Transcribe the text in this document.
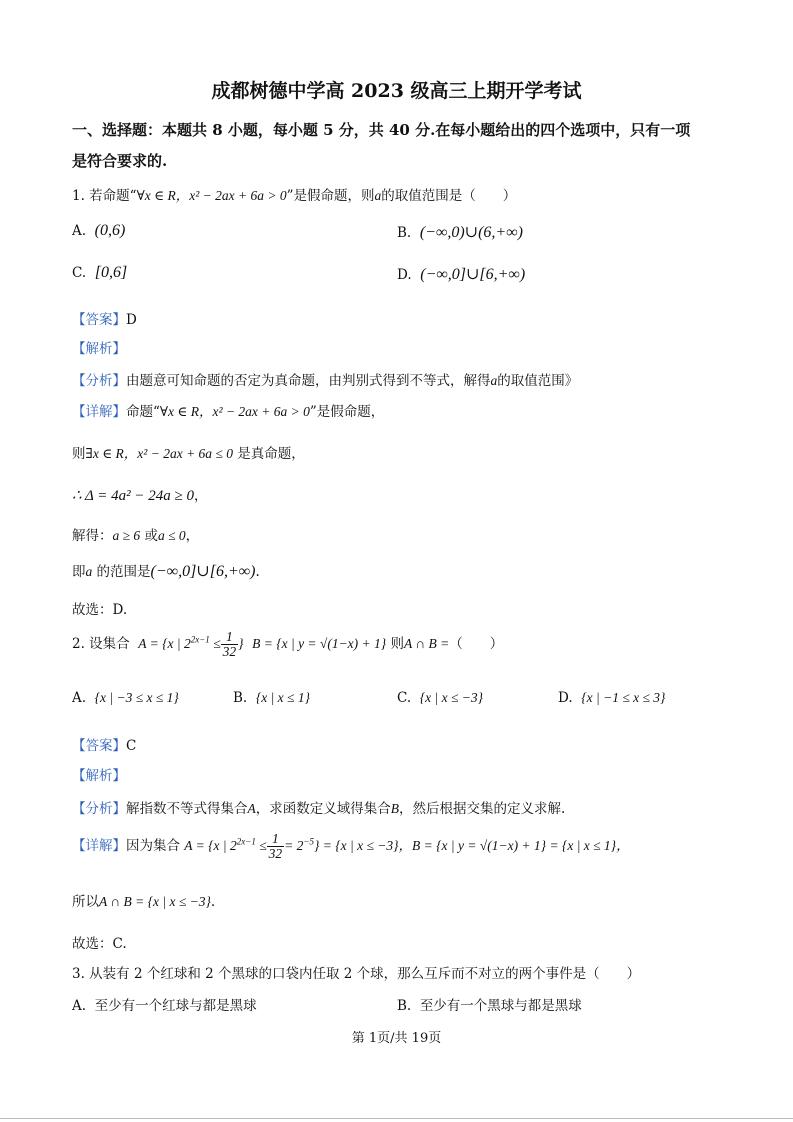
成都树德中学高 2023 级高三上期开学考试
一、选择题：本题共 8 小题，每小题 5 分，共 40 分.在每小题给出的四个选项中，只有一项
是符合要求的.
1. 若命题“∀x ∈ R，x² − 2ax + 6a > 0”是假命题，则a的取值范围是（　　）
A. (0,6)	B. (−∞,0)∪(6,+∞)
C. [0,6]	D. (−∞,0]∪[6,+∞)
【答案】D
【解析】
【分析】由题意可知命题的否定为真命题，由判别式得到不等式，解得a的取值范围》
【详解】命题“∀x ∈ R，x² − 2ax + 6a > 0”是假命题，
则∃x ∈ R，x² − 2ax + 6a ≤ 0 是真命题，
∴ Δ = 4a² − 24a ≥ 0，
解得：a ≥ 6 或a ≤ 0，
即a 的范围是(−∞,0]∪[6,+∞).
故选：D.
2. 设集合 A = {x | $2^{2x-1} \le \frac{1}{32}$ } B = {x | y = √(1−x) + 1} 则A ∩ B =（　　）
A. {x | −3 ≤ x ≤ 1}	B. {x | x ≤ 1}	C. {x | x ≤ −3}	D. {x | −1 ≤ x ≤ 3}
【答案】C
【解析】
【分析】解指数不等式得集合A，求函数定义域得集合B，然后根据交集的定义求解.
【详解】因为集合 A = {x | $2^{2x-1} \le \frac{1}{32} = 2^{-5}\} = \{x$ | x ≤ −3}，B = {x | y = √(1−x) + 1} = {x | x ≤ 1}，
所以A ∩ B = {x | x ≤ −3}.
故选：C.
3. 从装有 2 个红球和 2 个黑球的口袋内任取 2 个球，那么互斥而不对立的两个事件是（　　）
A. 至少有一个红球与都是黑球	B. 至少有一个黑球与都是黑球
第 1页/共 19页
